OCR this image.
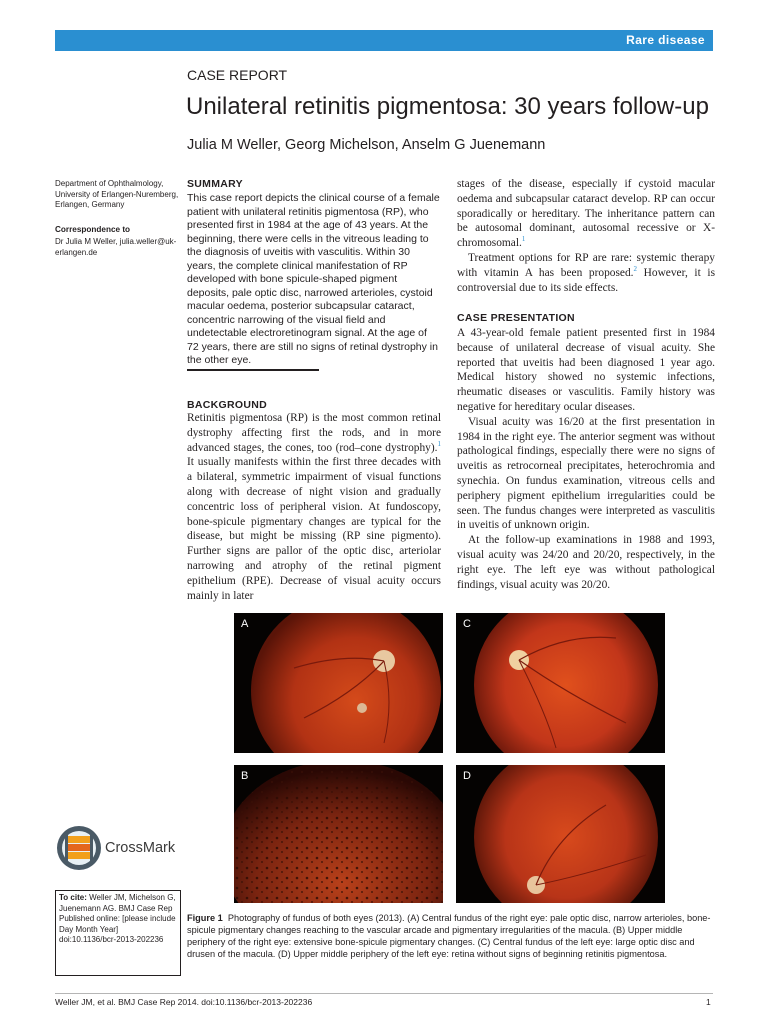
Rare disease
CASE REPORT
Unilateral retinitis pigmentosa: 30 years follow-up
Julia M Weller, Georg Michelson, Anselm G Juenemann
Department of Ophthalmology, University of Erlangen-Nuremberg, Erlangen, Germany
Correspondence to
Dr Julia M Weller, julia.weller@uk-erlangen.de
SUMMARY
This case report depicts the clinical course of a female patient with unilateral retinitis pigmentosa (RP), who presented first in 1984 at the age of 43 years. At the beginning, there were cells in the vitreous leading to the diagnosis of uveitis with vasculitis. Within 30 years, the complete clinical manifestation of RP developed with bone spicule-shaped pigment deposits, pale optic disc, narrowed arterioles, cystoid macular oedema, posterior subcapsular cataract, concentric narrowing of the visual field and undetectable electroretinogram signal. At the age of 72 years, there are still no signs of retinal dystrophy in the other eye.
BACKGROUND
Retinitis pigmentosa (RP) is the most common retinal dystrophy affecting first the rods, and in more advanced stages, the cones, too (rod–cone dystrophy).$^1$ It usually manifests within the first three decades with a bilateral, symmetric impairment of visual functions along with decrease of night vision and gradually concentric loss of peripheral vision. At fundoscopy, bone-spicule pigmentary changes are typical for the disease, but might be missing (RP sine pigmento). Further signs are pallor of the optic disc, arteriolar narrowing and atrophy of the retinal pigment epithelium (RPE). Decrease of visual acuity occurs mainly in later

stages of the disease, especially if cystoid macular oedema and subcapsular cataract develop. RP can occur sporadically or hereditary. The inheritance pattern can be autosomal dominant, autosomal recessive or X-chromosomal.$^1$

Treatment options for RP are rare: systemic therapy with vitamin A has been proposed.$^2$ However, it is controversial due to its side effects.

CASE PRESENTATION

A 43-year-old female patient presented first in 1984 because of unilateral decrease of visual acuity. She reported that uveitis had been diagnosed 1 year ago. Medical history showed no systemic infections, rheumatic diseases or vasculitis. Family history was negative for hereditary ocular diseases.

Visual acuity was 16/20 at the first presentation in 1984 in the right eye. The anterior segment was without pathological findings, especially there were no signs of uveitis as retrocorneal precipitates, heterochromia and synechia. On fundus examination, vitreous cells and periphery pigment epithelium irregularities could be seen. The fundus changes were interpreted as vasculitis in uveitis of unknown origin.

At the follow-up examinations in 1988 and 1993, visual acuity was 24/20 and 20/20, respectively, in the right eye. The left eye was without pathological findings, visual acuity was 20/20.

A
B
C
D
CrossMark
To cite: Weller JM, Michelson G, Juenemann AG. BMJ Case Rep Published online: [please include Day Month Year] doi:10.1136/bcr-2013-202236
Figure 1 Photography of fundus of both eyes (2013). (A) Central fundus of the right eye: pale optic disc, narrow arterioles, bone-spicule pigmentary changes reaching to the vascular arcade and pigmentary irregularities of the macula. (B) Upper middle periphery of the right eye: extensive bone-spicule pigmentary changes. (C) Central fundus of the left eye: large optic disc and drusen of the macula. (D) Upper middle periphery of the left eye: retina without signs of beginning retinitis pigmentosa.
Weller JM, et al. BMJ Case Rep 2014. doi:10.1136/bcr-2013-202236	1
